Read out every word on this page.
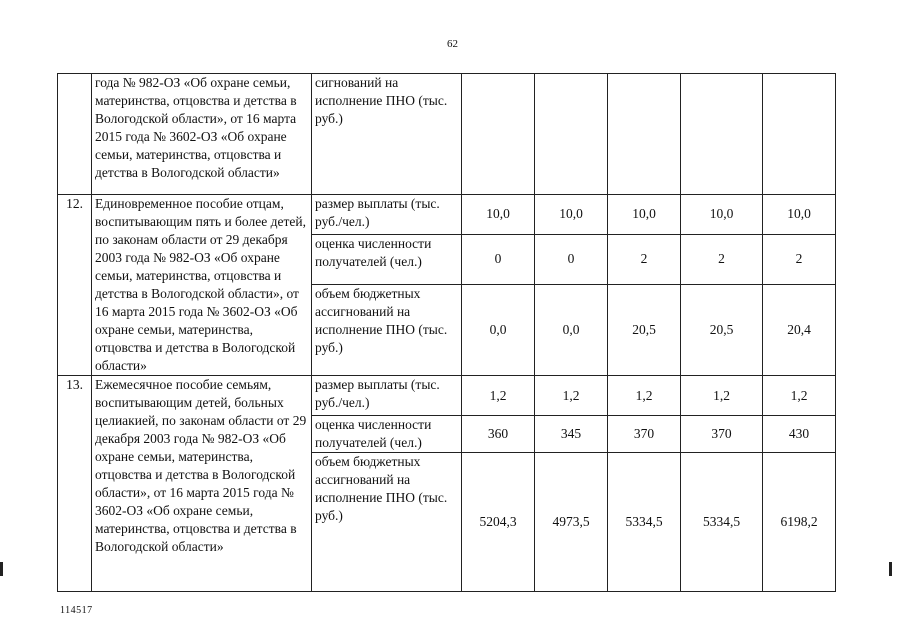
62
	года № 982-ОЗ «Об охране семьи, материнства, отцовства и детства в Вологодской области», от 16 марта 2015 года № 3602-ОЗ «Об охране семьи, материнства, отцовства и детства в Вологодской области»	сигнований на исполнение ПНО (тыс. руб.)					
12.	Единовременное пособие отцам, воспитывающим пять и более детей, по законам области от 29 декабря 2003 года № 982-ОЗ «Об охране семьи, материнства, отцовства и детства в Вологодской области», от 16 марта 2015 года № 3602-ОЗ «Об охране семьи, материнства, отцовства и детства в Вологодской области»	размер выплаты (тыс. руб./чел.)	10,0	10,0	10,0	10,0	10,0
		оценка численности получателей (чел.)	0	0	2	2	2
		объем бюджетных ассигнований на исполнение ПНО (тыс. руб.)	0,0	0,0	20,5	20,5	20,4
13.	Ежемесячное пособие семьям, воспитывающим детей, больных целиакией, по законам области от 29 декабря 2003 года № 982-ОЗ «Об охране семьи, материнства, отцовства и детства в Вологодской области», от 16 марта 2015 года № 3602-ОЗ «Об охране семьи, материнства, отцовства и детства в Вологодской области»	размер выплаты (тыс. руб./чел.)	1,2	1,2	1,2	1,2	1,2
		оценка численности получателей (чел.)	360	345	370	370	430
		объем бюджетных ассигнований на исполнение ПНО (тыс. руб.)	5204,3	4973,5	5334,5	5334,5	6198,2
114517
